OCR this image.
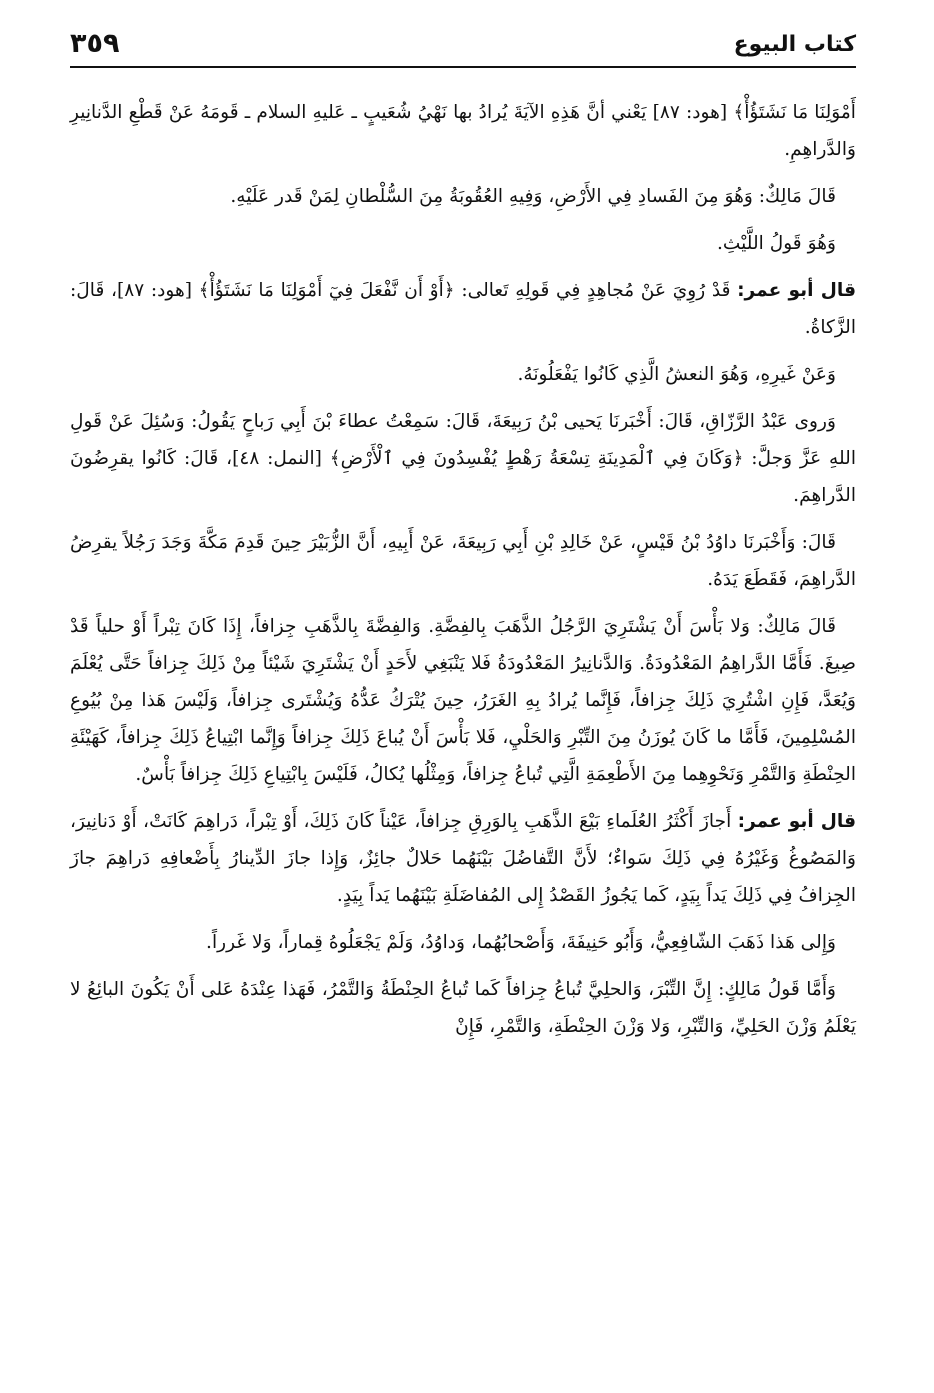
كتاب البيوع
٣٥٩

أَمْوَلِنَا مَا نَشَتَؤُأْ﴾ [هود: ٨٧] يَعْني أنَّ هَذِهِ الآيَةَ يُرادُ بها نَهْيُ شُعَيبٍ ـ عَليهِ السلام ـ قَومَهُ عَنْ قَطْعِ الدَّنانِيرِ وَالدَّراهِمِ.

قَالَ مَالِكٌ: وَهُوَ مِنَ الفَسادِ فِي الأَرْضِ، وَفِيهِ العُقُوبَةُ مِنَ السُّلْطانِ لِمَنْ قَدر عَلَيْهِ.

وَهُوَ قَولُ اللَّيْثِ.

قال أبو عمر: قَدْ رُوِيَ عَنْ مُجاهِدٍ فِي قَولِهِ تَعالى: ﴿أَوْ أَن نَّفْعَلَ فِيٓ أَمْوَلِنَا مَا نَشَتَؤُأْ﴾ [هود: ٨٧]، قَالَ: الزَّكاةُ.

وَعَنْ غَيرِهِ، وَهُوَ النعشُ الَّذِي كَانُوا يَفْعَلُونَهُ.

وَروى عَبْدُ الرَّزّاقِ، قَالَ: أَخْبَرنَا يَحيى بْنُ رَبِيعَةَ، قَالَ: سَمِعْتُ عطاءَ بْنَ أَبِي رَباحٍ يَقُولُ: وَسُئِلَ عَنْ قَولِ اللهِ عَزَّ وَجلَّ: ﴿وَكَانَ فِي ٱلْمَدِينَةِ تِسْعَةُ رَهْطٍ يُفْسِدُونَ فِي ٱلْأَرْضِ﴾ [النمل: ٤٨]، قَالَ: كَانُوا يقرِضُونَ الدَّراهِمَ.

قَالَ: وَأَخْبَرنَا داوُدُ بْنُ قَيْسٍ، عَنْ خَالِدِ بْنِ أَبِي رَبِيعَةَ، عَنْ أَبِيهِ، أَنَّ الزُّبَيْرَ حِينَ قَدِمَ مَكَّةَ وَجَدَ رَجُلاً يقرِضُ الدَّراهِمَ، فَقَطَعَ يَدَهُ.

قَالَ مَالِكٌ: وَلا بَأْسَ أَنْ يَشْتَرِيَ الرَّجُلُ الذَّهَبَ بِالفِضَّةِ. وَالفِضَّةَ بِالذَّهَبِ جِزافاً، إِذَا كَانَ تِبْراً أَوْ حلياً قَدْ صِيغَ. فَأَمَّا الدَّراهِمُ المَعْدُودَةُ. وَالدَّنانِيرُ المَعْدُودَةُ فَلا يَنْبَغِي لأَحَدٍ أَنْ يَشْتَرِيَ شَيْئاً مِنْ ذَلِكَ جِزافاً حَتَّى يُعْلَمَ وَيُعَدَّ، فَإِنِ اشْتُرِيَ ذَلِكَ جِزافاً، فَإِنَّما يُرادُ بِهِ الغَرَرُ، حِينَ يُتْرَكُ عَدُّهُ وَيُشْتَرى جِزافاً، وَلَيْسَ هَذا مِنْ بُيُوعِ المُسْلِمِينَ، فَأَمَّا ما كَانَ يُوزَنُ مِنَ التِّبْرِ وَالحَلْيِ، فَلا بَأْسَ أَنْ يُباعَ ذَلِكَ جِزافاً وَإِنَّما ابْتِياعُ ذَلِكَ جِزافاً، كَهَيْئَةِ الحِنْطَةِ وَالتَّمْرِ وَنَحْوِهِما مِنَ الأَطْعِمَةِ الَّتِي تُباعُ جِزافاً، وَمِثْلُها يُكالُ، فَلَيْسَ بِابْتِياعِ ذَلِكَ جِزافاً بَأْسٌ.

قال أبو عمر: أَجازَ أَكْثَرُ العُلَماءِ بَيْعَ الذَّهَبِ بِالوَرِقِ جِزافاً، عَيْناً كَانَ ذَلِكَ، أَوْ تِبْراً، دَراهِمَ كَانَتْ، أَوْ دَنانِيرَ، وَالمَصُوغُ وَغَيْرُهُ فِي ذَلِكَ سَواءٌ؛ لأَنَّ التَّفاضُلَ بَيْنَهُما حَلالٌ جائِزٌ، وَإِذا جازَ الدِّينارُ بِأَضْعافِهِ دَراهِمَ جازَ الجِزافُ فِي ذَلِكَ يَداً بِيَدٍ، كَما يَجُوزُ القَصْدُ إِلى المُفاضَلَةِ بَيْنَهُما يَداً بِيَدٍ.

وَإِلى هَذا ذَهَبَ الشّافِعِيُّ، وَأَبُو حَنِيفَةَ، وَأَصْحابُهُما، وَداوُدُ، وَلَمْ يَجْعَلُوهُ قِماراً، وَلا غَرراً.

وَأَمَّا قَولُ مَالِكٍ: إِنَّ التِّبْرَ، وَالحلِيَّ تُباعُ جِزافاً كَما تُباعُ الحِنْطَةُ وَالتَّمْرُ، فَهَذا عِنْدَهُ عَلى أَنْ يَكُونَ البائِعُ لا يَعْلَمُ وَزْنَ الحَلِيِّ، وَالتِّبْرِ، وَلا وَزْنَ الحِنْطَةِ، وَالتَّمْرِ، فَإِنْ
